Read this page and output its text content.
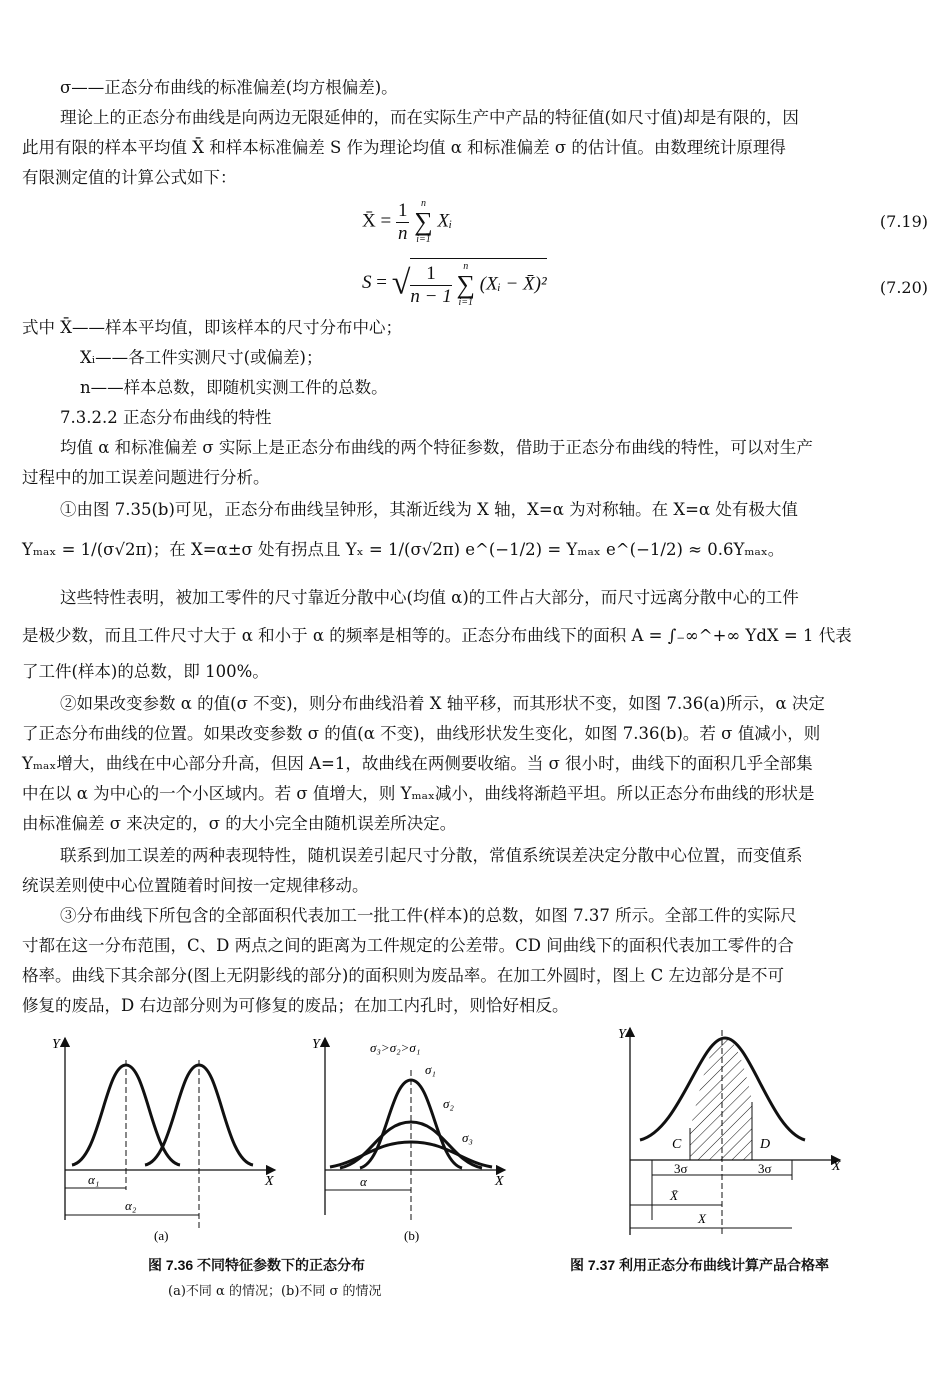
σ——正态分布曲线的标准偏差(均方根偏差)。
理论上的正态分布曲线是向两边无限延伸的，而在实际生产中产品的特征值(如尺寸值)却是有限的，因
此用有限的样本平均值 X̄ 和样本标准偏差 S 作为理论均值 α 和标准偏差 σ 的估计值。由数理统计原理得
有限测定值的计算公式如下：
X̄ = $\frac{1}{n}$
	n
∑
i=1
Xᵢ	(7.19)
S = √ $\frac{1}{n - 1}$
	n
∑
i=1
(Xᵢ − X̄)²	(7.20)
式中 X̄——样本平均值，即该样本的尺寸分布中心；
Xᵢ——各工件实测尺寸(或偏差)；
n——样本总数，即随机实测工件的总数。
7.3.2.2 正态分布曲线的特性
均值 α 和标准偏差 σ 实际上是正态分布曲线的两个特征参数，借助于正态分布曲线的特性，可以对生产
过程中的加工误差问题进行分析。
①由图 7.35(b)可见，正态分布曲线呈钟形，其渐近线为 X 轴，X=α 为对称轴。在 X=α 处有极大值
Yₘₐₓ = 1/(σ√2π)；在 X=α±σ 处有拐点且 Yₓ = 1/(σ√2π) e^(−1/2) = Yₘₐₓ e^(−1/2) ≈ 0.6Yₘₐₓ。
这些特性表明，被加工零件的尺寸靠近分散中心(均值 α)的工件占大部分，而尺寸远离分散中心的工件
是极少数，而且工件尺寸大于 α 和小于 α 的频率是相等的。正态分布曲线下的面积 A = ∫₋∞^+∞ YdX = 1 代表
了工件(样本)的总数，即 100%。
②如果改变参数 α 的值(σ 不变)，则分布曲线沿着 X 轴平移，而其形状不变，如图 7.36(a)所示，α 决定
了正态分布曲线的位置。如果改变参数 σ 的值(α 不变)，曲线形状发生变化，如图 7.36(b)。若 σ 值减小，则
Yₘₐₓ增大，曲线在中心部分升高，但因 A=1，故曲线在两侧要收缩。当 σ 很小时，曲线下的面积几乎全部集
中在以 α 为中心的一个小区域内。若 σ 值增大，则 Yₘₐₓ减小，曲线将渐趋平坦。所以正态分布曲线的形状是
由标准偏差 σ 来决定的，σ 的大小完全由随机误差所决定。
联系到加工误差的两种表现特性，随机误差引起尺寸分散，常值系统误差决定分散中心位置，而变值系
统误差则使中心位置随着时间按一定规律移动。
③分布曲线下所包含的全部面积代表加工一批工件(样本)的总数，如图 7.37 所示。全部工件的实际尺
寸都在这一分布范围，C、D 两点之间的距离为工件规定的公差带。CD 间曲线下的面积代表加工零件的合
格率。曲线下其余部分(图上无阴影线的部分)的面积则为废品率。在加工外圆时，图上 C 左边部分是不可
修复的废品，D 右边部分则为可修复的废品；在加工内孔时，则恰好相反。
Y
X
α₁
α₂
(a)
Y
X
σ₃>σ₂>σ₁
σ₁
σ₂
σ₃
α
(b)
图 7.36 不同特征参数下的正态分布
(a)不同 α 的情况；(b)不同 σ 的情况
Y
X
C	D
3σ	3σ
X̄
X
图 7.37 利用正态分布曲线计算产品合格率
